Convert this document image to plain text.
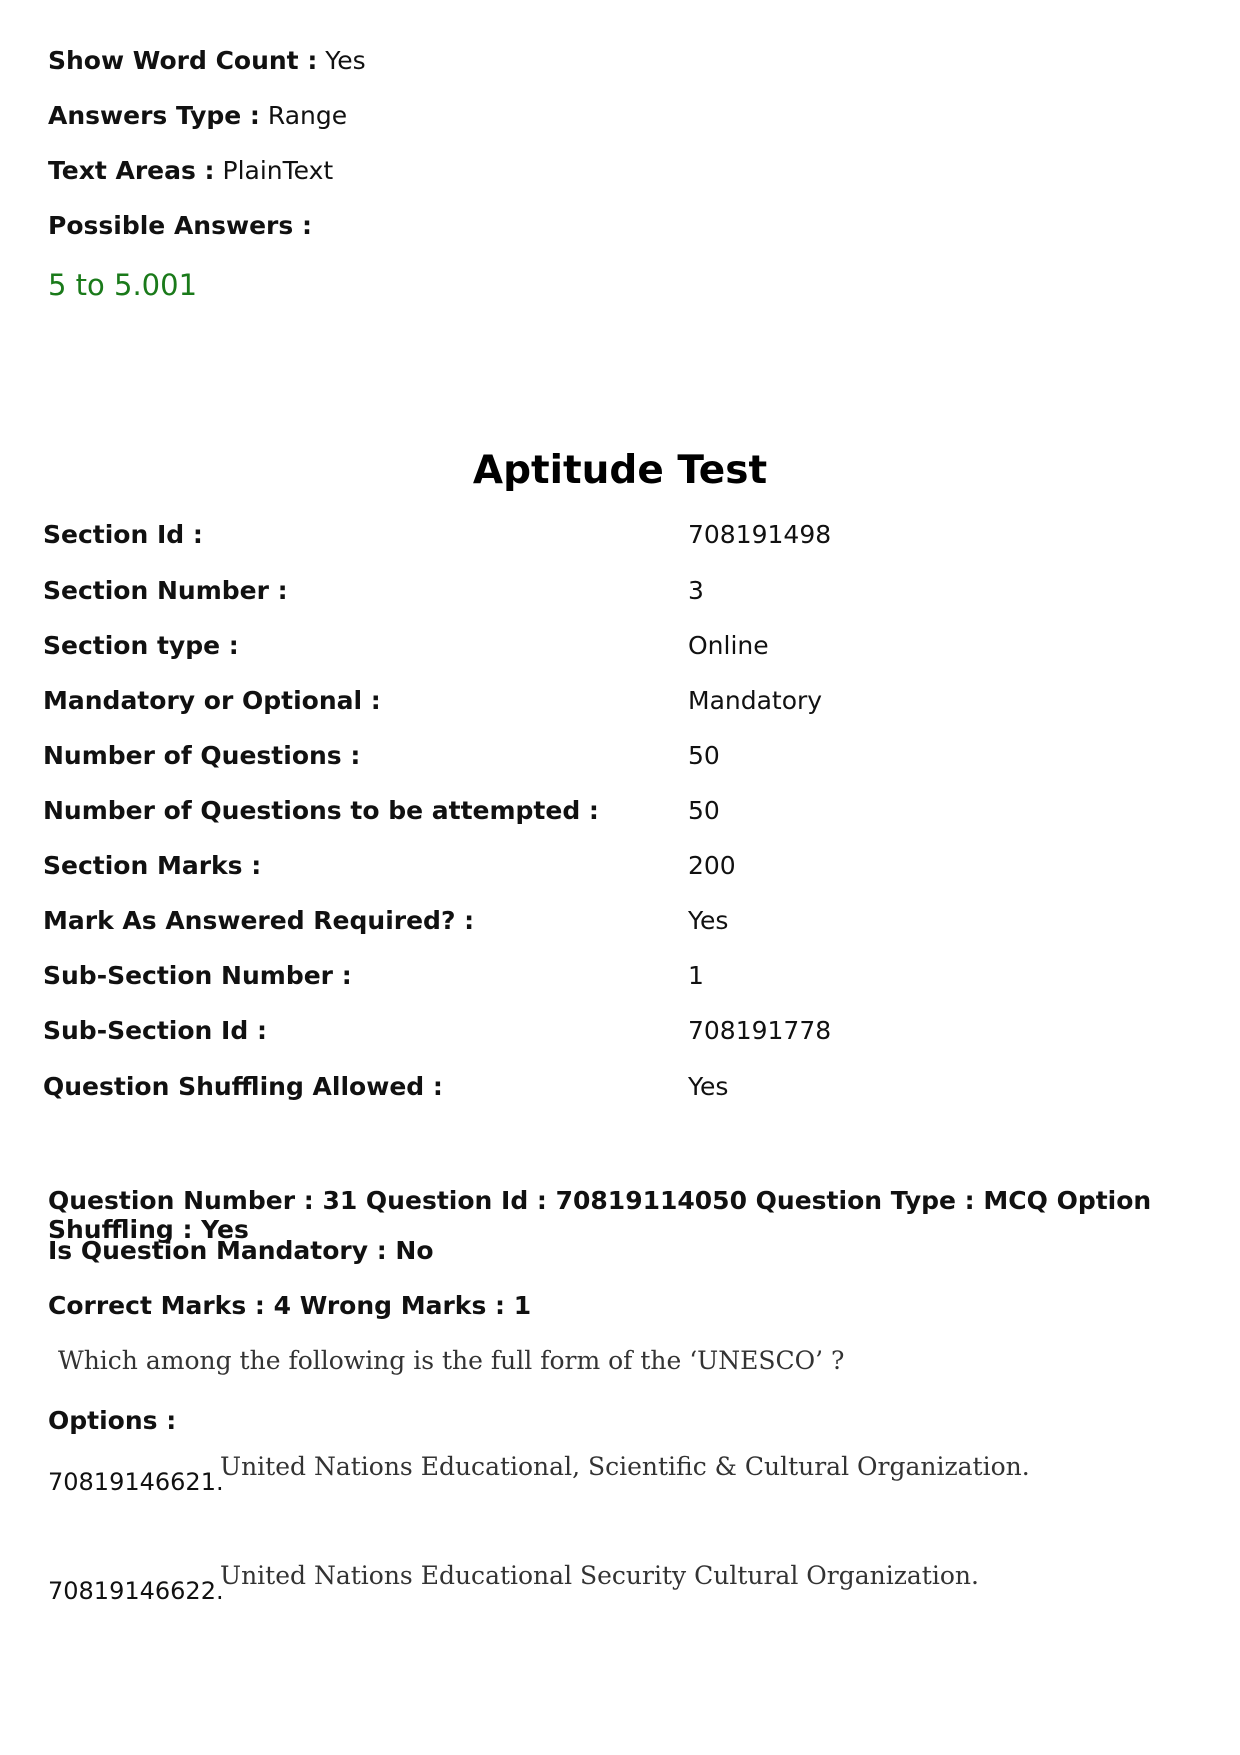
Show Word Count : Yes
Answers Type : Range
Text Areas : PlainText
Possible Answers :
5 to 5.001
Aptitude Test
Section Id :	708191498
Section Number :	3
Section type :	Online
Mandatory or Optional :	Mandatory
Number of Questions :	50
Number of Questions to be attempted :	50
Section Marks :	200
Mark As Answered Required? :	Yes
Sub-Section Number :	1
Sub-Section Id :	708191778
Question Shuffling Allowed :	Yes
Question Number : 31 Question Id : 70819114050 Question Type : MCQ Option Shuffling : Yes
Is Question Mandatory : No
Correct Marks : 4 Wrong Marks : 1
Which among the following is the full form of the ‘UNESCO’ ?
Options :
70819146621.
United Nations Educational, Scientific & Cultural Organization.
70819146622.
United Nations Educational Security Cultural Organization.
